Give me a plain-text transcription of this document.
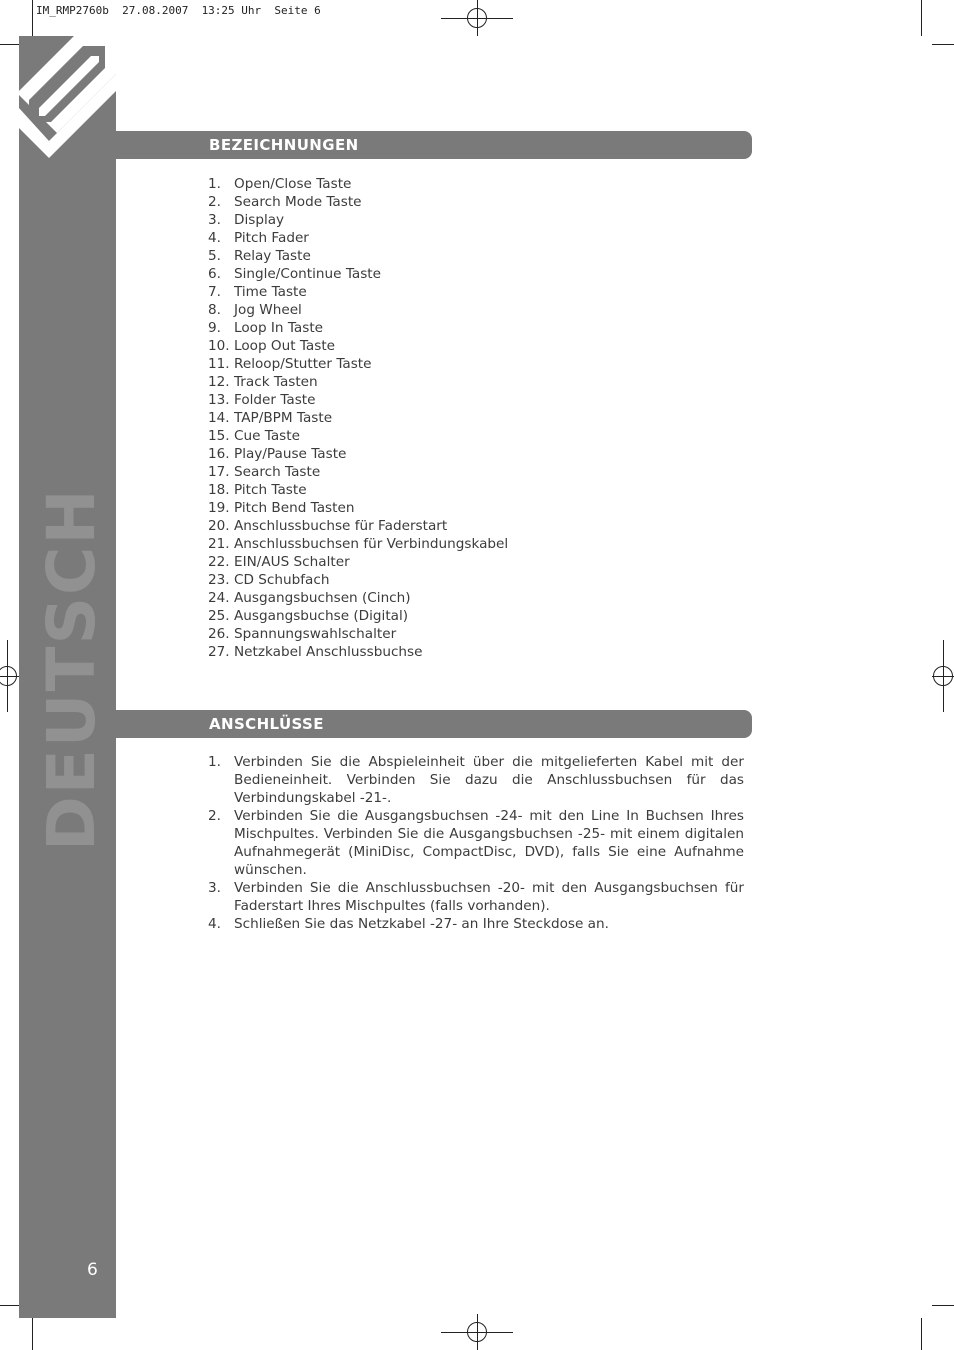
IM_RMP2760b  27.08.2007  13:25 Uhr  Seite 6
DEUTSCH
6
BEZEICHNUNGEN
1. Open/Close Taste
2. Search Mode Taste
3. Display
4. Pitch Fader
5. Relay Taste
6. Single/Continue Taste
7. Time Taste
8. Jog Wheel
9. Loop In Taste
10. Loop Out Taste
11. Reloop/Stutter Taste
12. Track Tasten
13. Folder Taste
14. TAP/BPM Taste
15. Cue Taste
16. Play/Pause Taste
17. Search Taste
18. Pitch Taste
19. Pitch Bend Tasten
20. Anschlussbuchse für Faderstart
21. Anschlussbuchsen für Verbindungskabel
22. EIN/AUS Schalter
23. CD Schubfach
24. Ausgangsbuchsen (Cinch)
25. Ausgangsbuchse (Digital)
26. Spannungswahlschalter
27. Netzkabel Anschlussbuchse
ANSCHLÜSSE
1. Verbinden Sie die Abspieleinheit über die mitgelieferten Kabel mit der Bedieneinheit. Verbinden Sie dazu die Anschlussbuchsen für das Verbindungskabel -21-.
2. Verbinden Sie die Ausgangsbuchsen -24- mit den Line In Buchsen Ihres Mischpultes. Verbinden Sie die Ausgangsbuchsen -25- mit einem digitalen Aufnahmegerät (MiniDisc, CompactDisc, DVD), falls Sie eine Aufnahme wünschen.
3. Verbinden Sie die Anschlussbuchsen -20- mit den Ausgangsbuchsen für Faderstart Ihres Mischpultes (falls vorhanden).
4. Schließen Sie das Netzkabel -27- an Ihre Steckdose an.
